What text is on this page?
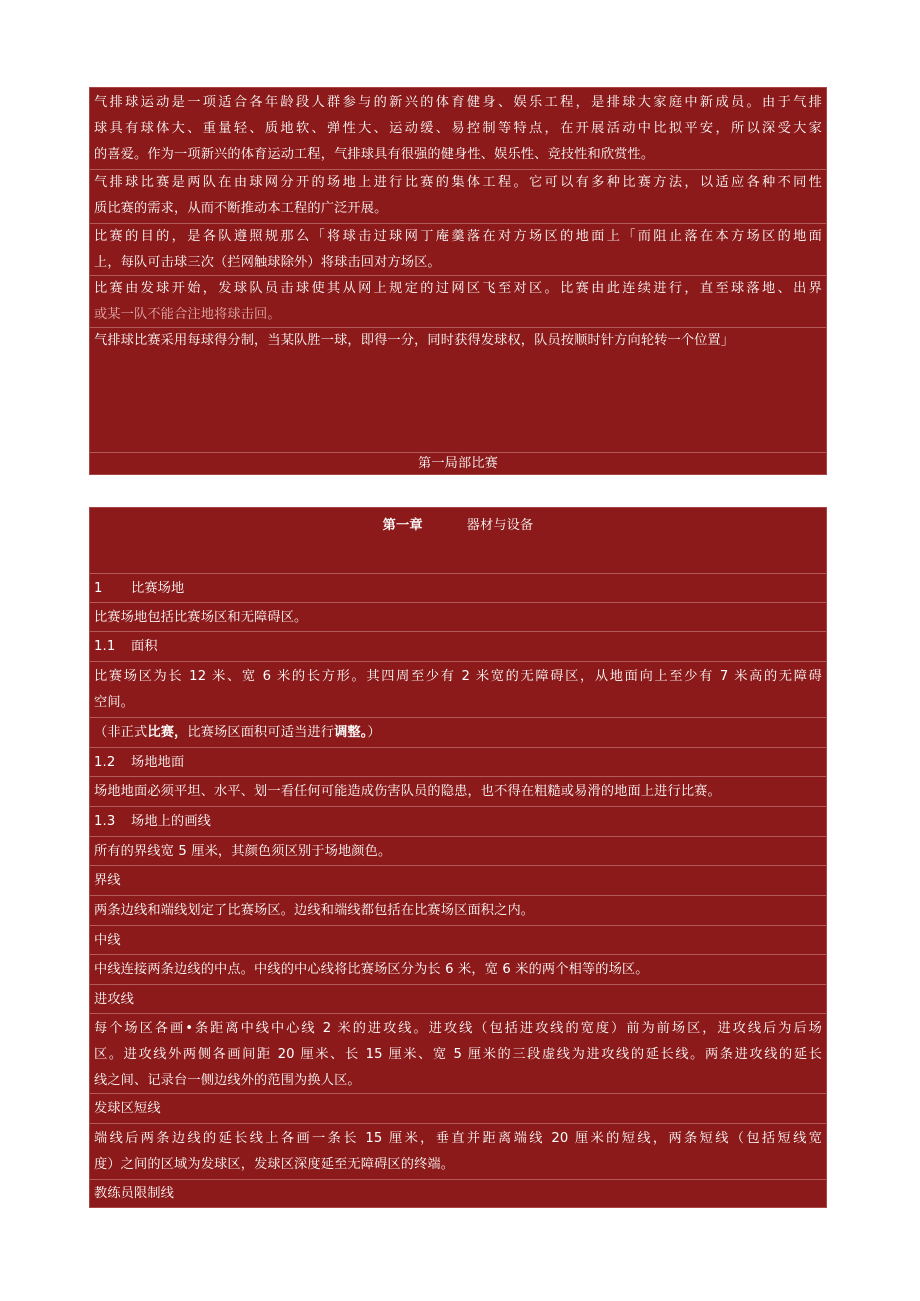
气排球运动是一项适合各年龄段人群参与的新兴的体育健身、娱乐工程，是排球大家庭中新成员。由于气排
球具有球体大、重量轻、质地软、弹性大、运动缓、易控制等特点，在开展活动中比拟平安，所以深受大家
的喜爱。作为一项新兴的体育运动工程，气排球具有很强的健身性、娱乐性、竞技性和欣赏性。
气排球比赛是两队在由球网分开的场地上进行比赛的集体工程。它可以有多种比赛方法，以适应各种不同性
质比赛的需求，从而不断推动本工程的广泛开展。
比赛的目的，是各队遵照规那么「将球击过球网丁庵羹落在对方场区的地面上「而阻止落在本方场区的地面
上，每队可击球三次（拦网触球除外）将球击回对方场区。
比赛由发球开始，发球队员击球使其从网上规定的过网区飞至对区。比赛由此连续进行，直至球落地、出界
或某一队不能合注地将球击回。
气排球比赛采用每球得分制，当某队胜一球，即得一分，同时获得发球权，队员按顺时针方向轮转一个位置」
第一局部比赛
第一章	器材与设备
1 比赛场地
比赛场地包括比赛场区和无障碍区。
1.1 面积
比赛场区为长 12 米、宽 6 米的长方形。其四周至少有 2 米宽的无障碍区，从地面向上至少有 7 米高的无障碍
空间。
（非正式比赛，比赛场区面积可适当进行调整。）
1.2 场地地面
场地地面必须平坦、水平、划一看任何可能造成伤害队员的隐患，也不得在粗糙或易滑的地面上进行比赛。
1.3 场地上的画线
所有的界线宽 5 厘米，其颜色须区别于场地颜色。
界线
两条边线和端线划定了比赛场区。边线和端线都包括在比赛场区面积之内。
中线
中线连接两条边线的中点。中线的中心线将比赛场区分为长 6 米，宽 6 米的两个相等的场区。
进攻线
每个场区各画•条距离中线中心线 2 米的进攻线。进攻线（包括进攻线的宽度）前为前场区，进攻线后为后场
区。进攻线外两侧各画间距 20 厘米、长 15 厘米、宽 5 厘米的三段虚线为进攻线的延长线。两条进攻线的延长
线之间、记录台一侧边线外的范围为换人区。
发球区短线
端线后两条边线的延长线上各画一条长 15 厘米，垂直并距离端线 20 厘米的短线，两条短线（包括短线宽
度）之间的区域为发球区，发球区深度延至无障碍区的终端。
教练员限制线
